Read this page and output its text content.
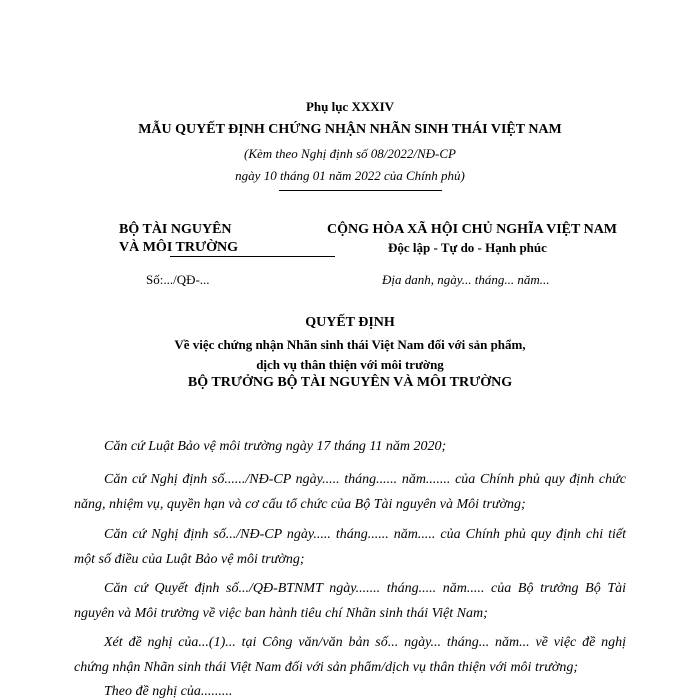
Phụ lục XXXIV
MẪU QUYẾT ĐỊNH CHỨNG NHẬN NHÃN SINH THÁI VIỆT NAM
(Kèm theo Nghị định số 08/2022/NĐ-CP
ngày 10 tháng 01 năm 2022 của Chính phủ)
BỘ TÀI NGUYÊN
VÀ MÔI TRƯỜNG
CỘNG HÒA XÃ HỘI CHỦ NGHĨA VIỆT NAM
Độc lập - Tự do - Hạnh phúc
Số:.../QĐ-...	Địa danh, ngày... tháng... năm...
QUYẾT ĐỊNH
Về việc chứng nhận Nhãn sinh thái Việt Nam đối với sản phẩm,
dịch vụ thân thiện với môi trường
BỘ TRƯỞNG BỘ TÀI NGUYÊN VÀ MÔI TRƯỜNG
Căn cứ Luật Bảo vệ môi trường ngày 17 tháng 11 năm 2020;
Căn cứ Nghị định số....../NĐ-CP ngày..... tháng...... năm....... của Chính phủ quy định chức
năng, nhiệm vụ, quyền hạn và cơ cấu tổ chức của Bộ Tài nguyên và Môi trường;
Căn cứ Nghị định số.../NĐ-CP ngày..... tháng...... năm..... của Chính phủ quy định chi tiết
một số điều của Luật Bảo vệ môi trường;
Căn cứ Quyết định số.../QĐ-BTNMT ngày....... tháng..... năm..... của Bộ trưởng Bộ Tài
nguyên và Môi trường về việc ban hành tiêu chí Nhãn sinh thái Việt Nam;
Xét đề nghị của...(1)... tại Công văn/văn bản số... ngày... tháng... năm... về việc đề nghị
chứng nhận Nhãn sinh thái Việt Nam đối với sản phẩm/dịch vụ thân thiện với môi trường;
Theo đề nghị của.........
